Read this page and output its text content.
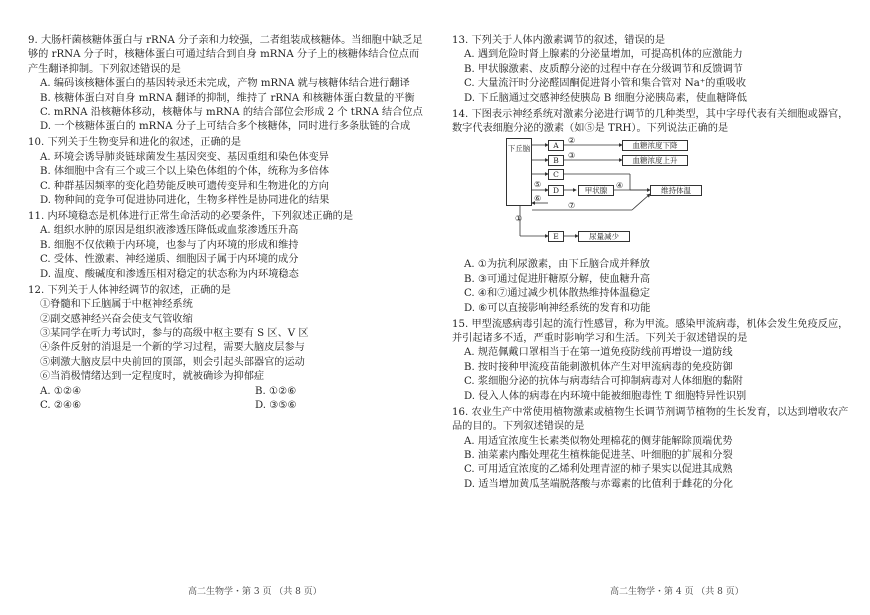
9. 大肠杆菌核糖体蛋白与 rRNA 分子亲和力较强，二者组装成核糖体。当细胞中缺乏足够的 rRNA 分子时，核糖体蛋白可通过结合到自身 mRNA 分子上的核糖体结合位点而产生翻译抑制。下列叙述错误的是
A. 编码该核糖体蛋白的基因转录还未完成，产物 mRNA 就与核糖体结合进行翻译
B. 核糖体蛋白对自身 mRNA 翻译的抑制，维持了 rRNA 和核糖体蛋白数量的平衡
C. mRNA 沿核糖体移动，核糖体与 mRNA 的结合部位会形成 2 个 tRNA 结合位点
D. 一个核糖体蛋白的 mRNA 分子上可结合多个核糖体，同时进行多条肽链的合成
10. 下列关于生物变异和进化的叙述，正确的是
A. 环境会诱导肺炎链球菌发生基因突变、基因重组和染色体变异
B. 体细胞中含有三个或三个以上染色体组的个体，统称为多倍体
C. 种群基因频率的变化趋势能反映可遗传变异和生物进化的方向
D. 物种间的竞争可促进协同进化，生物多样性是协同进化的结果
11. 内环境稳态是机体进行正常生命活动的必要条件，下列叙述正确的是
A. 组织水肿的原因是组织液渗透压降低或血浆渗透压升高
B. 细胞不仅依赖于内环境，也参与了内环境的形成和维持
C. 受体、性激素、神经递质、细胞因子属于内环境的成分
D. 温度、酸碱度和渗透压相对稳定的状态称为内环境稳态
12. 下列关于人体神经调节的叙述，正确的是
①脊髓和下丘脑属于中枢神经系统
②副交感神经兴奋会使支气管收缩
③某同学在听力考试时，参与的高级中枢主要有 S 区、V 区
④条件反射的消退是一个新的学习过程，需要大脑皮层参与
⑤刺激大脑皮层中央前回的顶部，则会引起头部器官的运动
⑥当消极情绪达到一定程度时，就被确诊为抑郁症
A. ①②④	B. ①②⑥
C. ②④⑥	D. ③⑤⑥
高二生物学・第 3 页 （共 8 页）
13. 下列关于人体内激素调节的叙述，错误的是
A. 遇到危险时肾上腺素的分泌量增加，可提高机体的应激能力
B. 甲状腺激素、皮质醇分泌的过程中存在分级调节和反馈调节
C. 大量流汗时分泌醛固酮促进肾小管和集合管对 Na⁺的重吸收
D. 下丘脑通过交感神经使胰岛 B 细胞分泌胰岛素，使血糖降低
14. 下图表示神经系统对激素分泌进行调节的几种类型，其中字母代表有关细胞或器官，数字代表细胞分泌的激素（如⑤是 TRH）。下列说法正确的是
下丘脑	A
B
C
D
E
甲状腺
血糖浓度下降
血糖浓度上升
维持体温
尿量减少
②
③
⑤	④
⑥
⑦
①
A. ①为抗利尿激素，由下丘脑合成并释放
B. ③可通过促进肝糖原分解，使血糖升高
C. ④和⑦通过减少机体散热维持体温稳定
D. ⑥可以直接影响神经系统的发育和功能
15. 甲型流感病毒引起的流行性感冒，称为甲流。感染甲流病毒，机体会发生免疫反应，并引起诸多不适，严重时影响学习和生活。下列关于叙述错误的是
A. 规范佩戴口罩相当于在第一道免疫防线前再增设一道防线
B. 按时接种甲流疫苗能刺激机体产生对甲流病毒的免疫防御
C. 浆细胞分泌的抗体与病毒结合可抑制病毒对人体细胞的黏附
D. 侵入人体的病毒在内环境中能被细胞毒性 T 细胞特异性识别
16. 农业生产中常使用植物激素或植物生长调节剂调节植物的生长发育，以达到增收农产品的目的。下列叙述错误的是
A. 用适宜浓度生长素类似物处理棉花的侧芽能解除顶端优势
B. 油菜素内酯处理花生植株能促进茎、叶细胞的扩展和分裂
C. 可用适宜浓度的乙烯利处理青涩的柿子果实以促进其成熟
D. 适当增加黄瓜茎端脱落酸与赤霉素的比值利于雌花的分化
高二生物学・第 4 页 （共 8 页）
